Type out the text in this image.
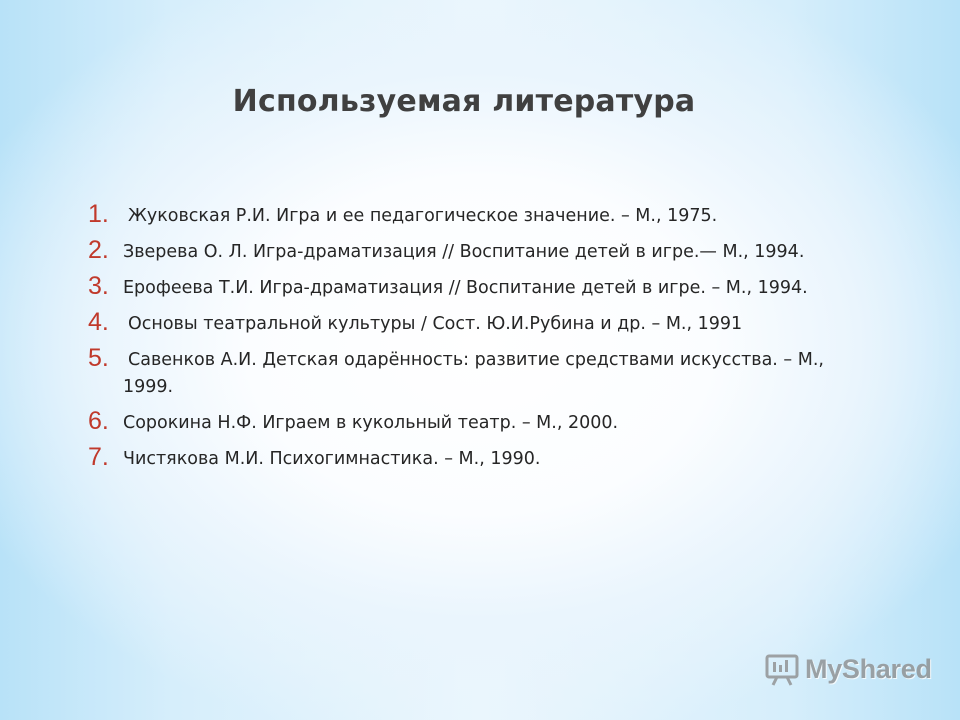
Используемая литература
1. Жуковская Р.И. Игра и ее педагогическое значение. – М., 1975.
2. Зверева О. Л. Игра-драматизация // Воспитание детей в игре.— М., 1994.
3. Ерофеева Т.И. Игра-драматизация // Воспитание детей в игре. – М., 1994.
4. Основы театральной культуры / Сост. Ю.И.Рубина и др. – М., 1991
5. Савенков А.И. Детская одарённость: развитие средствами искусства. – М., 1999.
6. Сорокина Н.Ф. Играем в кукольный театр. – М., 2000.
7. Чистякова М.И. Психогимнастика. – М., 1990.
MyShared
